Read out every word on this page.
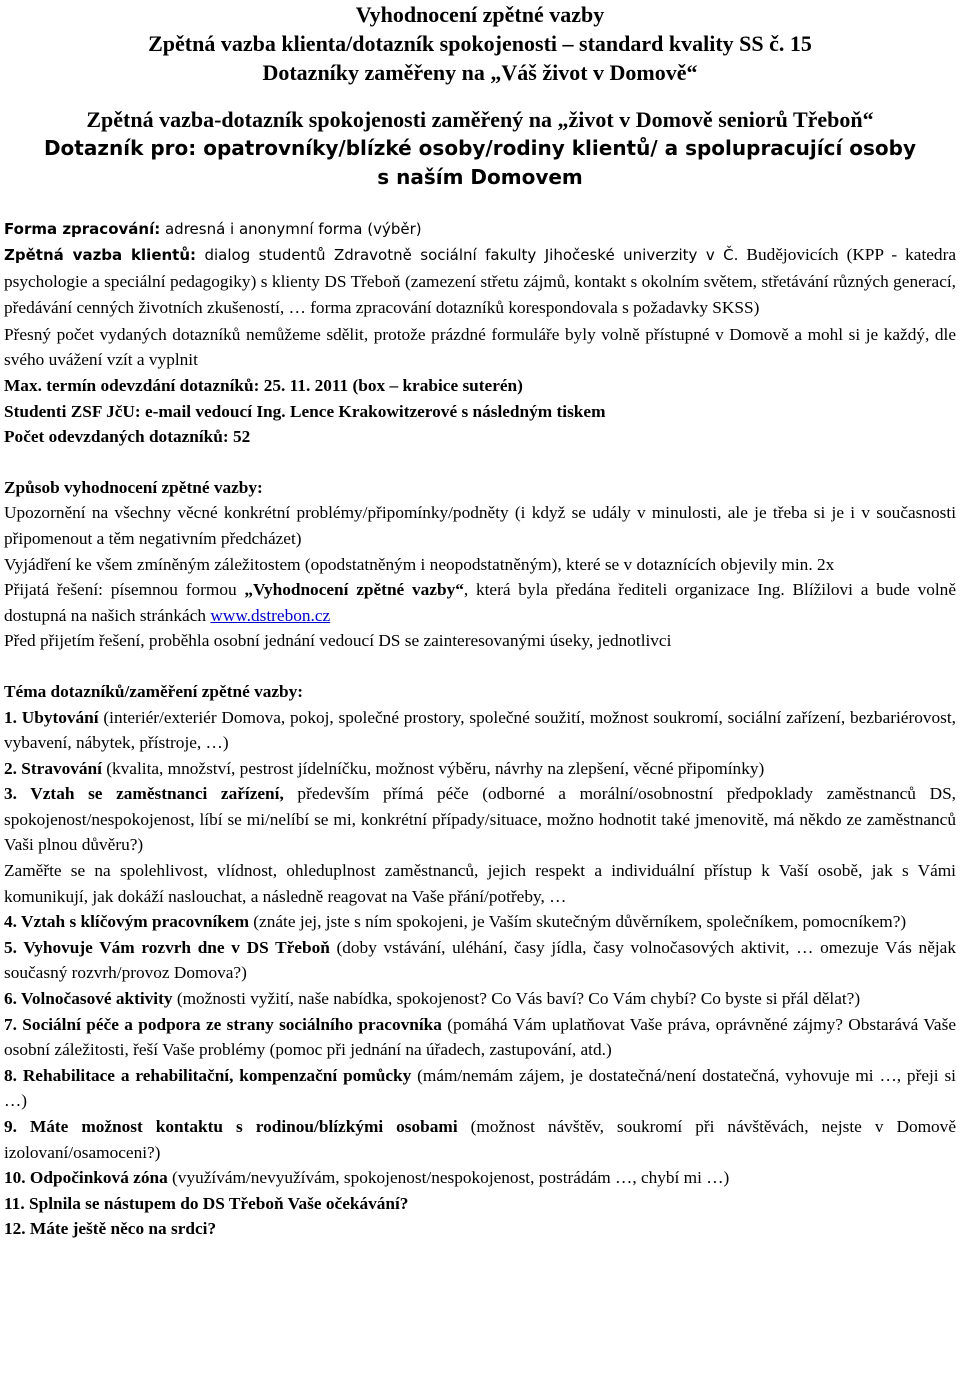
Vyhodnocení zpětné vazby
Zpětná vazba klienta/dotazník spokojenosti – standard kvality SS č. 15
Dotazníky zaměřeny na „Váš život v Domově“
Zpětná vazba-dotazník spokojenosti zaměřený na „život v Domově seniorů Třeboň“
Dotazník pro: opatrovníky/blízké osoby/rodiny klientů/ a spolupracující osoby
s naším Domovem

Forma zpracování: adresná i anonymní forma (výběr)

Zpětná vazba klientů: dialog studentů Zdravotně sociální fakulty Jihočeské univerzity v Č. Budějovicích (KPP - katedra psychologie a speciální pedagogiky) s klienty DS Třeboň (zamezení střetu zájmů, kontakt s okolním světem, střetávání různých generací, předávání cenných životních zkušeností, … forma zpracování dotazníků korespondovala s požadavky SKSS)

Přesný počet vydaných dotazníků nemůžeme sdělit, protože prázdné formuláře byly volně přístupné v Domově a mohl si je každý, dle svého uvážení vzít a vyplnit

Max. termín odevzdání dotazníků: 25. 11. 2011 (box – krabice suterén)

Studenti ZSF JčU: e-mail vedoucí Ing. Lence Krakowitzerové s následným tiskem

Počet odevzdaných dotazníků: 52

Způsob vyhodnocení zpětné vazby:

Upozornění na všechny věcné konkrétní problémy/připomínky/podněty (i když se udály v minulosti, ale je třeba si je i v současnosti připomenout a těm negativním předcházet)

Vyjádření ke všem zmíněným záležitostem (opodstatněným i neopodstatněným), které se v dotaznících objevily min. 2x

Přijatá řešení: písemnou formou „Vyhodnocení zpětné vazby“, která byla předána řediteli organizace Ing. Blížilovi a bude volně dostupná na našich stránkách www.dstrebon.cz

Před přijetím řešení, proběhla osobní jednání vedoucí DS se zainteresovanými úseky, jednotlivci

Téma dotazníků/zaměření zpětné vazby:

1. Ubytování (interiér/exteriér Domova, pokoj, společné prostory, společné soužití, možnost soukromí, sociální zařízení, bezbariérovost, vybavení, nábytek, přístroje, …)

2. Stravování (kvalita, množství, pestrost jídelníčku, možnost výběru, návrhy na zlepšení, věcné připomínky)

3. Vztah se zaměstnanci zařízení, především přímá péče (odborné a morální/osobnostní předpoklady zaměstnanců DS, spokojenost/nespokojenost, líbí se mi/nelíbí se mi, konkrétní případy/situace, možno hodnotit také jmenovitě, má někdo ze zaměstnanců Vaši plnou důvěru?)

Zaměřte se na spolehlivost, vlídnost, ohleduplnost zaměstnanců, jejich respekt a individuální přístup k Vaší osobě, jak s Vámi komunikují, jak dokáží naslouchat, a následně reagovat na Vaše přání/potřeby, …

4. Vztah s klíčovým pracovníkem (znáte jej, jste s ním spokojeni, je Vaším skutečným důvěrníkem, společníkem, pomocníkem?)

5. Vyhovuje Vám rozvrh dne v DS Třeboň (doby vstávání, uléhání, časy jídla, časy volnočasových aktivit, … omezuje Vás nějak současný rozvrh/provoz Domova?)

6. Volnočasové aktivity (možnosti vyžití, naše nabídka, spokojenost? Co Vás baví? Co Vám chybí? Co byste si přál dělat?)

7. Sociální péče a podpora ze strany sociálního pracovníka (pomáhá Vám uplatňovat Vaše práva, oprávněné zájmy? Obstarává Vaše osobní záležitosti, řeší Vaše problémy (pomoc při jednání na úřadech, zastupování, atd.)

8. Rehabilitace a rehabilitační, kompenzační pomůcky (mám/nemám zájem, je dostatečná/není dostatečná, vyhovuje mi …, přeji si …)

9. Máte možnost kontaktu s rodinou/blízkými osobami (možnost návštěv, soukromí při návštěvách, nejste v Domově izolovaní/osamoceni?)

10. Odpočinková zóna (využívám/nevyužívám, spokojenost/nespokojenost, postrádám …, chybí mi …)

11. Splnila se nástupem do DS Třeboň Vaše očekávání?

12. Máte ještě něco na srdci?
